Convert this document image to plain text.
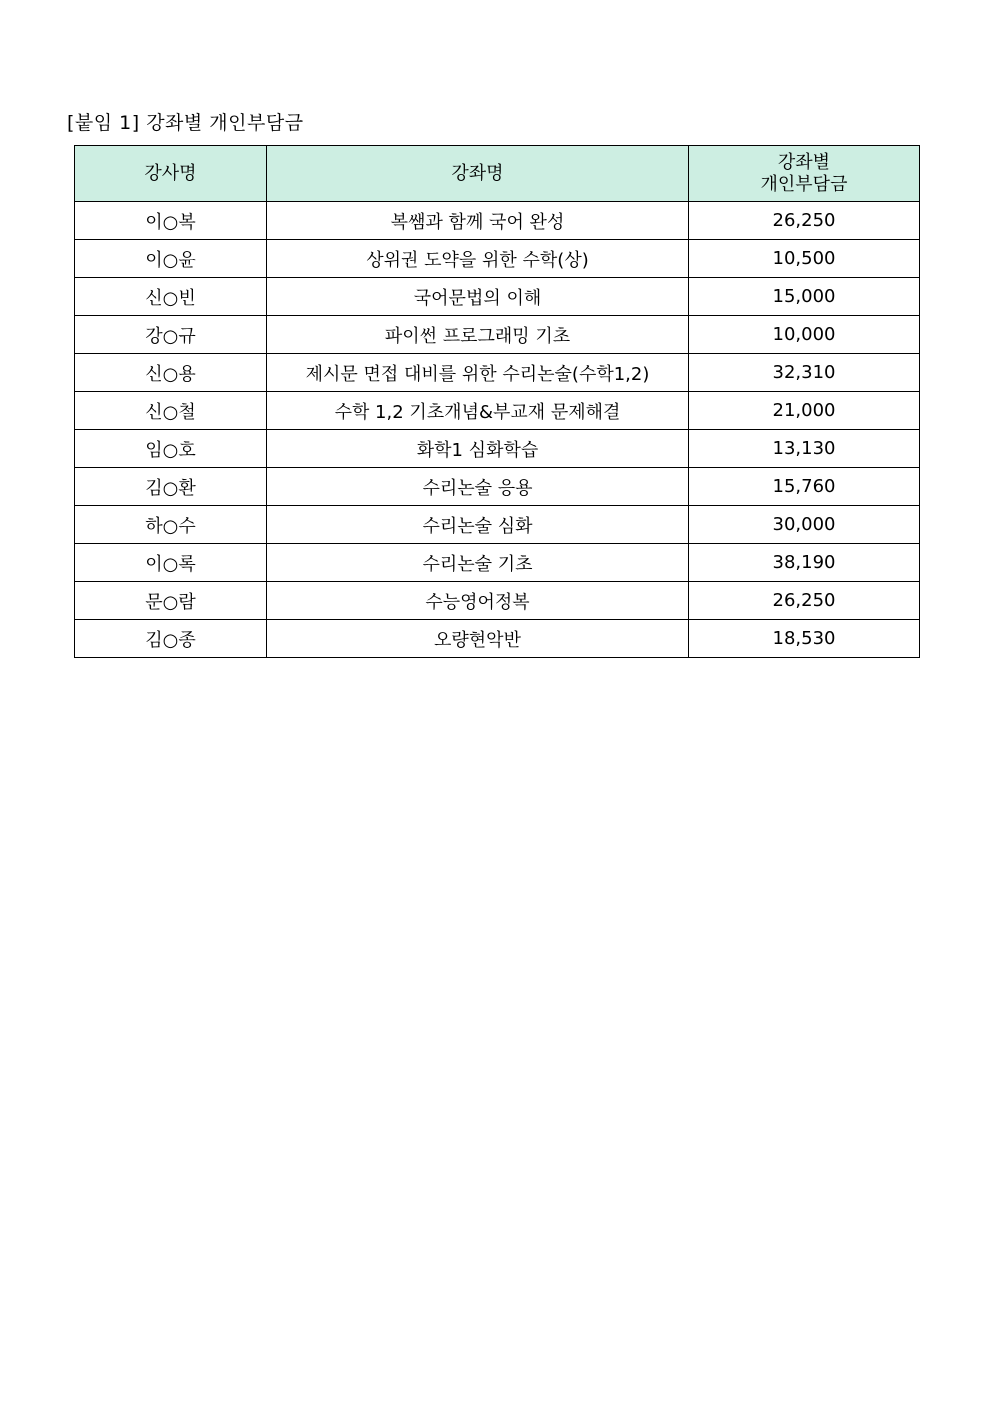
[붙임 1] 강좌별 개인부담금
강사명	강좌명	강좌별
개인부담금

이○복	복쌤과 함께 국어 완성	26,250
이○윤	상위권 도약을 위한 수학(상)	10,500
신○빈	국어문법의 이해	15,000
강○규	파이썬 프로그래밍 기초	10,000
신○용	제시문 면접 대비를 위한 수리논술(수학1,2)	32,310
신○철	수학 1,2 기초개념&부교재 문제해결	21,000
임○호	화학1 심화학습	13,130
김○환	수리논술 응용	15,760
하○수	수리논술 심화	30,000
이○록	수리논술 기초	38,190
문○람	수능영어정복	26,250
김○종	오량현악반	18,530
